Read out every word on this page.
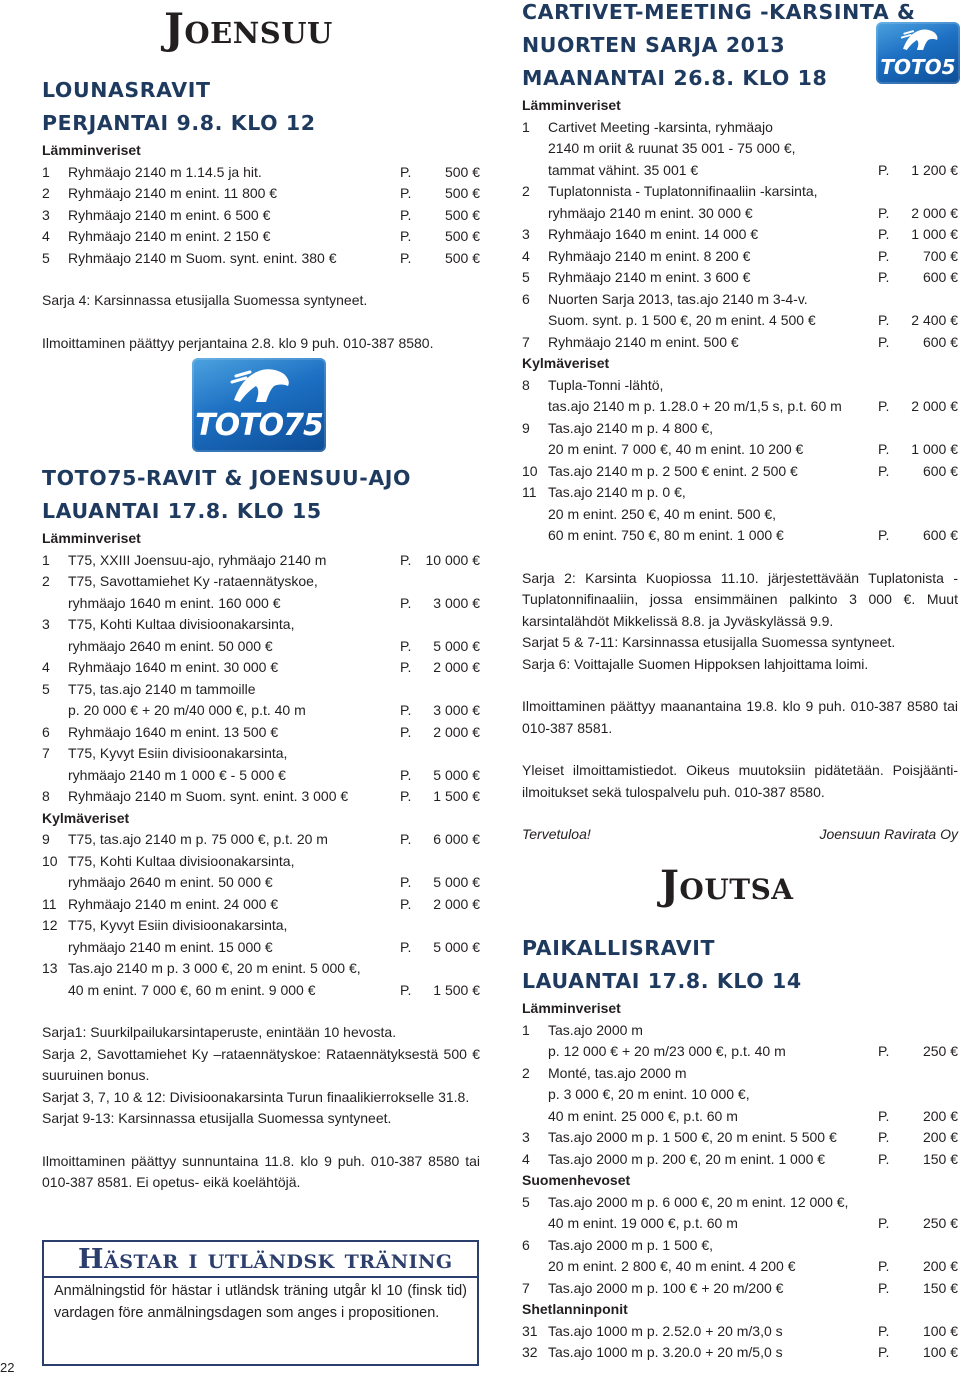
22
Joensuu
LOUNASRAVIT
PERJANTAI 9.8. KLO 12
Lämminveriset
1	Ryhmäajo 2140 m 1.14.5 ja hit.	P.	500 €
2	Ryhmäajo 2140 m enint. 11 800 €	P.	500 €
3	Ryhmäajo 2140 m enint. 6 500 €	P.	500 €
4	Ryhmäajo 2140 m enint. 2 150 €	P.	500 €
5	Ryhmäajo 2140 m Suom. synt. enint. 380 €	P.	500 €
Sarja 4: Karsinnassa etusijalla Suomessa syntyneet.
Ilmoittaminen päättyy perjantaina 2.8. klo 9 puh. 010-387 8580.
TOTO75
TOTO75-RAVIT & JOENSUU-AJO
LAUANTAI 17.8. KLO 15
Lämminveriset
1	T75, XXIII Joensuu-ajo, ryhmäajo 2140 m	P.	10 000 €
2	T75, Savottamiehet Ky -rataennätyskoe,
ryhmäajo 1640 m enint. 160 000 €	P.	3 000 €
3	T75, Kohti Kultaa divisioonakarsinta,
ryhmäajo 2640 m enint. 50 000 €	P.	5 000 €
4	Ryhmäajo 1640 m enint. 30 000 €	P.	2 000 €
5	T75, tas.ajo 2140 m tammoille
p. 20 000 € + 20 m/40 000 €, p.t. 40 m	P.	3 000 €
6	Ryhmäajo 1640 m enint. 13 500 €	P.	2 000 €
7	T75, Kyvyt Esiin divisioonakarsinta,
ryhmäajo 2140 m 1 000 € - 5 000 €	P.	5 000 €
8	Ryhmäajo 2140 m Suom. synt. enint. 3 000 €	P.	1 500 €
Kylmäveriset
9	T75, tas.ajo 2140 m p. 75 000 €, p.t. 20 m	P.	6 000 €
10 T75, Kohti Kultaa divisioonakarsinta,
ryhmäajo 2640 m enint. 50 000 €	P.	5 000 €
11 Ryhmäajo 2140 m enint. 24 000 €	P.	2 000 €
12 T75, Kyvyt Esiin divisioonakarsinta,
ryhmäajo 2140 m enint. 15 000 €	P.	5 000 €
13 Tas.ajo 2140 m p. 3 000 €, 20 m enint. 5 000 €,
40 m enint. 7 000 €, 60 m enint. 9 000 €	P.	1 500 €
Sarja1: Suurkilpailukarsintaperuste, enintään 10 hevosta.
Sarja 2, Savottamiehet Ky –rataennätyskoe: Rataennätyksestä 500 € suuruinen bonus.
Sarjat 3, 7, 10 & 12: Divisioonakarsinta Turun finaalikierrokselle 31.8.
Sarjat 9-13: Karsinnassa etusijalla Suomessa syntyneet.
Ilmoittaminen päättyy sunnuntaina 11.8. klo 9 puh. 010-387 8580 tai 010-387 8581. Ei opetus- eikä koelähtöjä.
Hästar i utländsk träning
Anmälningstid för hästar i utländsk träning utgår kl 10 (finsk tid) vardagen före anmälningsdagen som anges i propositionen.
TOTO5
CARTIVET-MEETING -KARSINTA &
NUORTEN SARJA 2013
MAANANTAI 26.8. KLO 18
Lämminveriset
1	Cartivet Meeting -karsinta, ryhmäajo
2140 m oriit & ruunat 35 001 - 75 000 €,
tammat vähint. 35 001 €	P.	1 200 €
2	Tuplatonnista - Tuplatonnifinaaliin -karsinta,
ryhmäajo 2140 m enint. 30 000 €	P.	2 000 €
3	Ryhmäajo 1640 m enint. 14 000 €	P.	1 000 €
4	Ryhmäajo 2140 m enint. 8 200 €	P.	700 €
5	Ryhmäajo 2140 m enint. 3 600 €	P.	600 €
6	Nuorten Sarja 2013, tas.ajo 2140 m 3-4-v.
Suom. synt. p. 1 500 €, 20 m enint. 4 500 €	P.	2 400 €
7	Ryhmäajo 2140 m enint. 500 €	P.	600 €
Kylmäveriset
8	Tupla-Tonni -lähtö,
tas.ajo 2140 m p. 1.28.0 + 20 m/1,5 s, p.t. 60 m	P.	2 000 €
9	Tas.ajo 2140 m p. 4 800 €,
20 m enint. 7 000 €, 40 m enint. 10 200 €	P.	1 000 €
10 Tas.ajo 2140 m p. 2 500 € enint. 2 500 €	P.	600 €
11 Tas.ajo 2140 m p. 0 €,
20 m enint. 250 €, 40 m enint. 500 €,
60 m enint. 750 €, 80 m enint. 1 000 €	P.	600 €
Sarja 2: Karsinta Kuopiossa 11.10. järjestettävään Tuplatonista - Tuplatonnifinaaliin, jossa ensimmäinen palkinto 3 000 €. Muut karsintalähdöt Mikkelissä 8.8. ja Jyväskylässä 9.9.
Sarjat 5 & 7-11: Karsinnassa etusijalla Suomessa syntyneet.
Sarja 6: Voittajalle Suomen Hippoksen lahjoittama loimi.
Ilmoittaminen päättyy maanantaina 19.8. klo 9 puh. 010-387 8580 tai 010-387 8581.
Yleiset ilmoittamistiedot. Oikeus muutoksiin pidätetään. Poisjäänti-ilmoitukset sekä tulospalvelu puh. 010-387 8580.
Tervetuloa!	Joensuun Ravirata Oy
Joutsa
PAIKALLISRAVIT
LAUANTAI 17.8. KLO 14
Lämminveriset
1	Tas.ajo 2000 m
p. 12 000 € + 20 m/23 000 €, p.t. 40 m	P.	250 €
2	Monté, tas.ajo 2000 m
p. 3 000 €, 20 m enint. 10 000 €,
40 m enint. 25 000 €, p.t. 60 m	P.	200 €
3	Tas.ajo 2000 m p. 1 500 €, 20 m enint. 5 500 €	P.	200 €
4	Tas.ajo 2000 m p. 200 €, 20 m enint. 1 000 €	P.	150 €
Suomenhevoset
5	Tas.ajo 2000 m p. 6 000 €, 20 m enint. 12 000 €,
40 m enint. 19 000 €, p.t. 60 m	P.	250 €
6	Tas.ajo 2000 m p. 1 500 €,
20 m enint. 2 800 €, 40 m enint. 4 200 €	P.	200 €
7	Tas.ajo 2000 m p. 100 € + 20 m/200 €	P.	150 €
Shetlanninponit
31 Tas.ajo 1000 m p. 2.52.0 + 20 m/3,0 s	P.	100 €
32 Tas.ajo 1000 m p. 3.20.0 + 20 m/5,0 s	P.	100 €
